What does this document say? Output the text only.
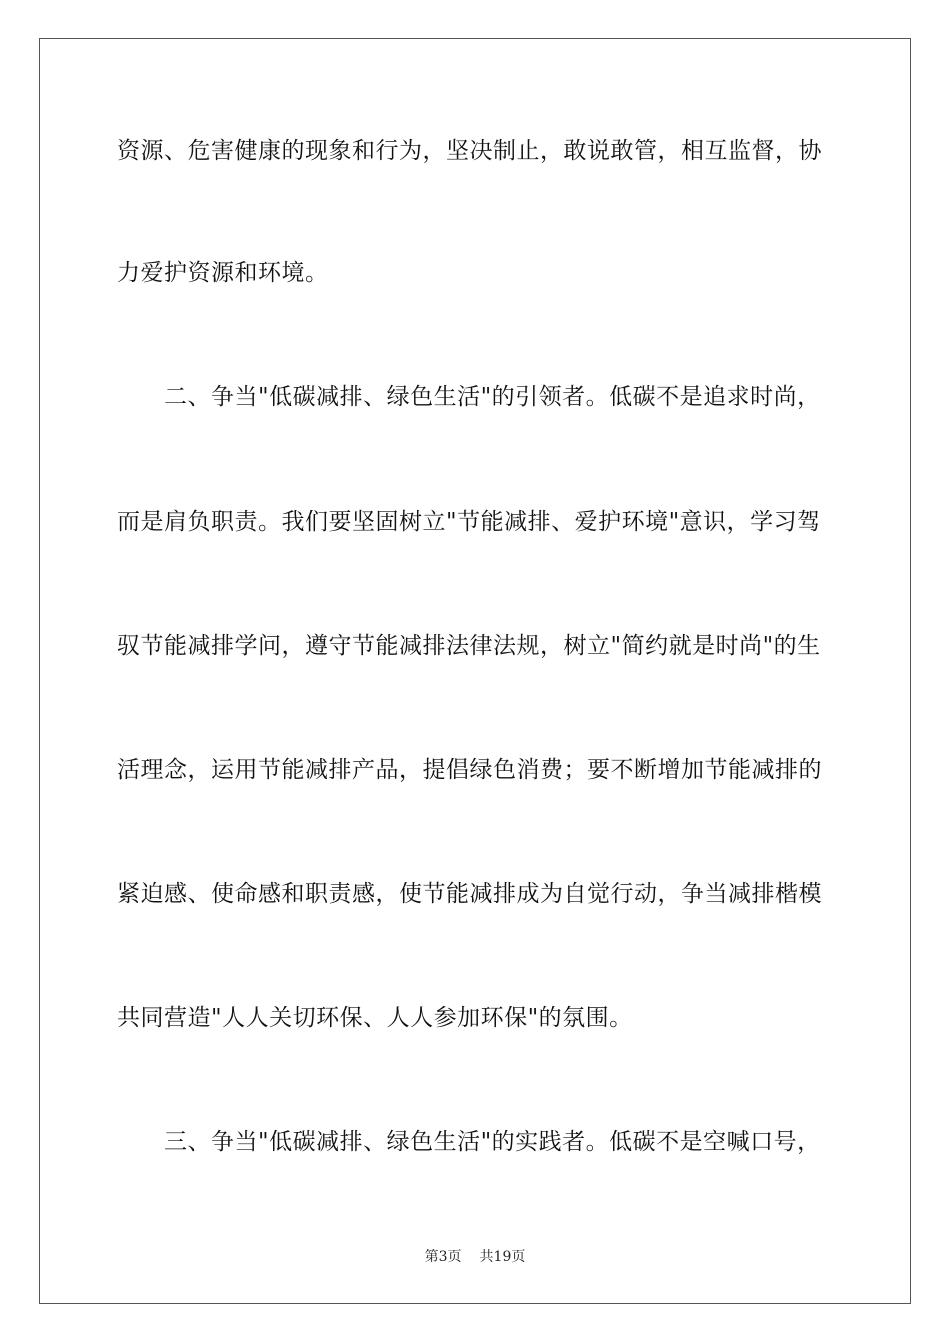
资源、危害健康的现象和行为，坚决制止，敢说敢管，相互监督，协
力爱护资源和环境。
二、争当"低碳减排、绿色生活"的引领者。低碳不是追求时尚，
而是肩负职责。我们要坚固树立"节能减排、爱护环境"意识，学习驾
驭节能减排学问，遵守节能减排法律法规，树立"简约就是时尚"的生
活理念，运用节能减排产品，提倡绿色消费；要不断增加节能减排的
紧迫感、使命感和职责感，使节能减排成为自觉行动，争当减排楷模
共同营造"人人关切环保、人人参加环保"的氛围。
三、争当"低碳减排、绿色生活"的实践者。低碳不是空喊口号，
第3页 共19页
